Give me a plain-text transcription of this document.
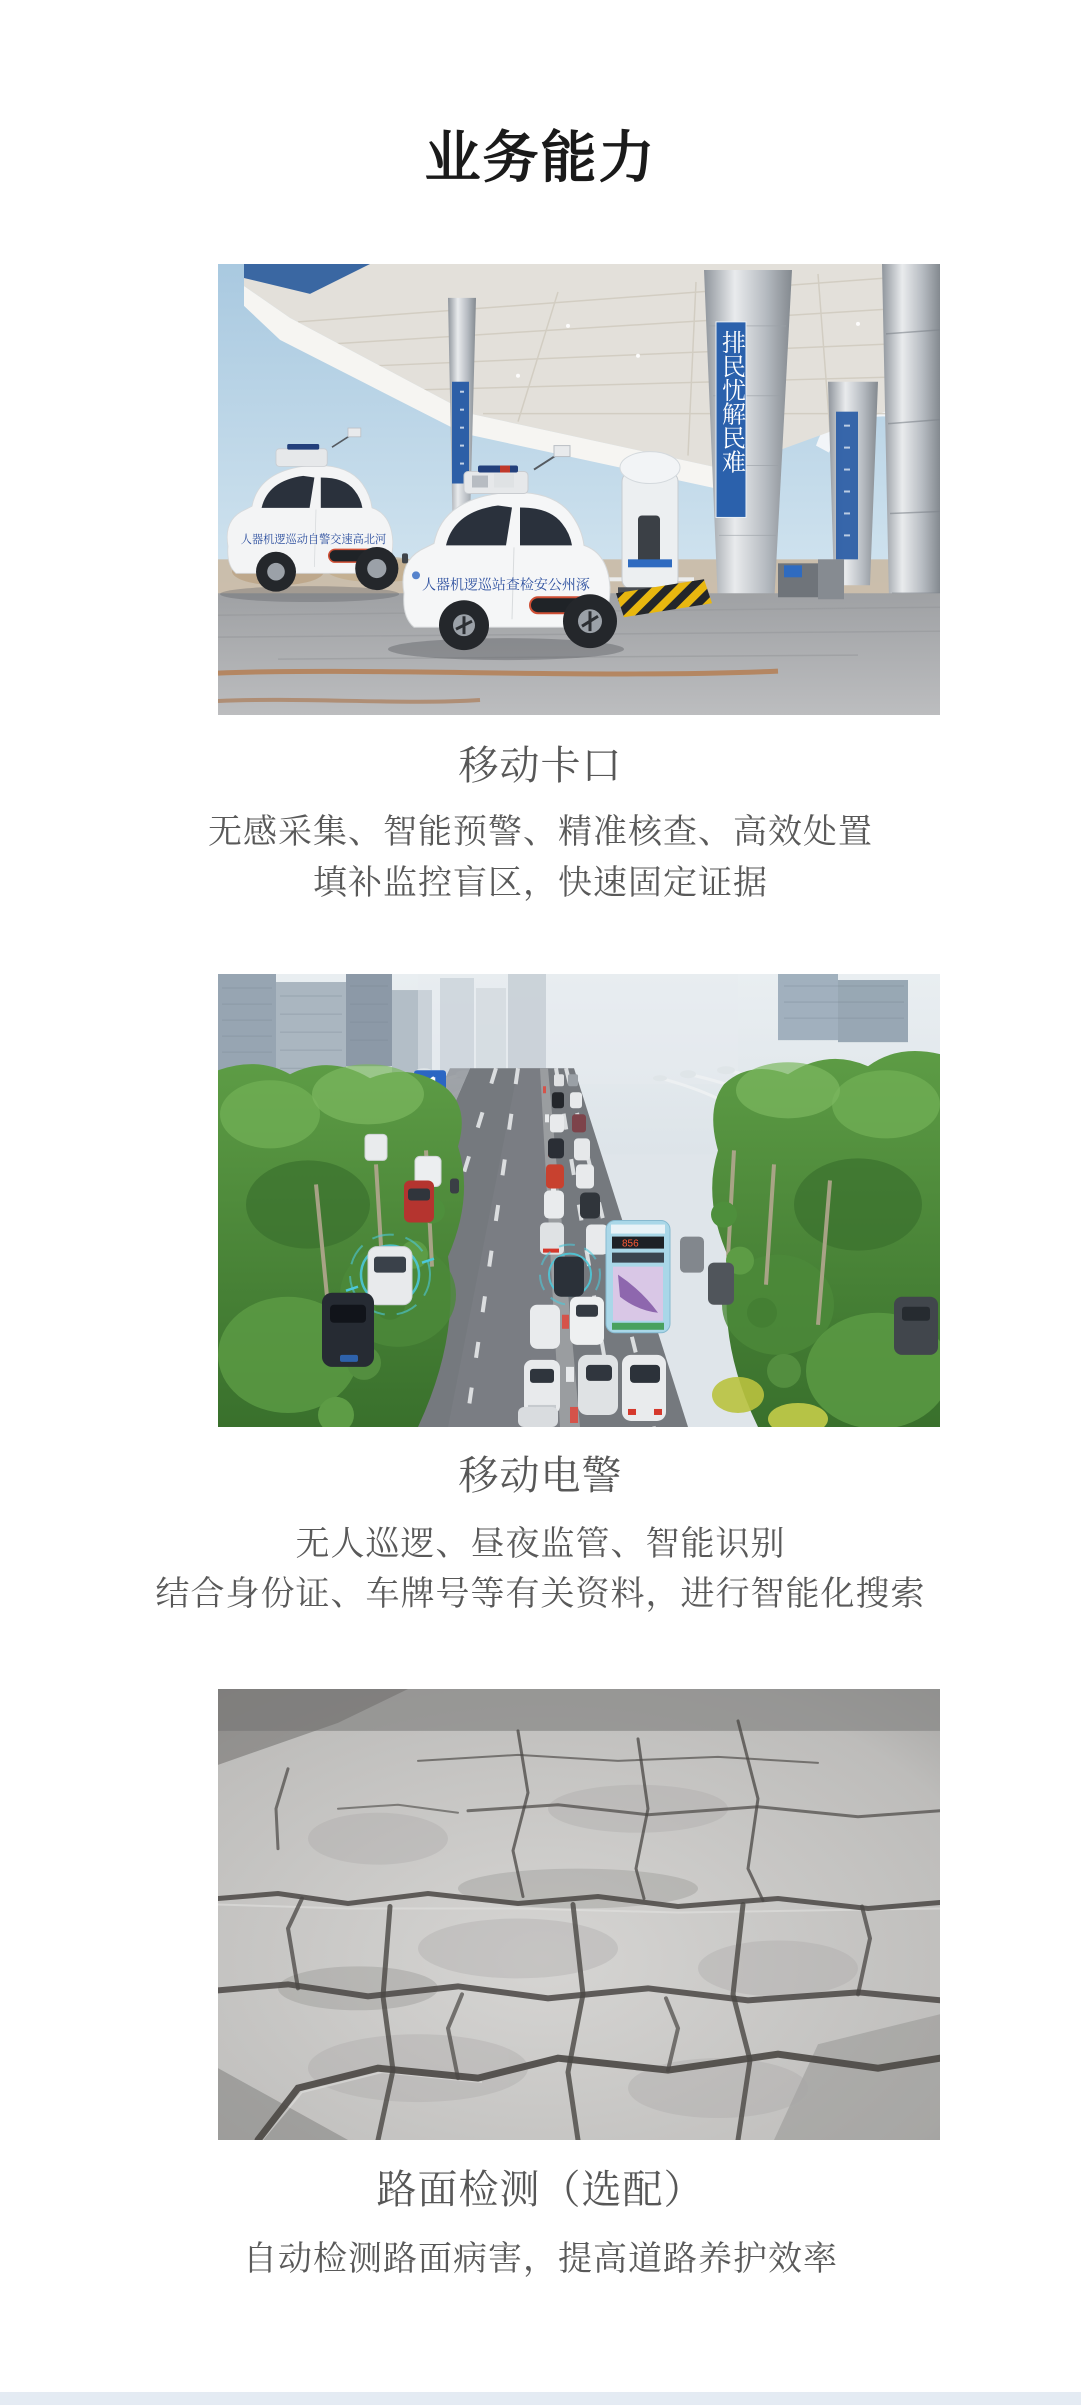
业务能力
排民忧解民难
人器机逻巡动自警交速高北河
人器机逻巡站查检安公州涿
移动卡口

无感采集、智能预警、精准核查、高效处置

填补监控盲区，快速固定证据

856
移动电警

无人巡逻、昼夜监管、智能识别

结合身份证、车牌号等有关资料，进行智能化搜索

路面检测（选配）

自动检测路面病害，提高道路养护效率
